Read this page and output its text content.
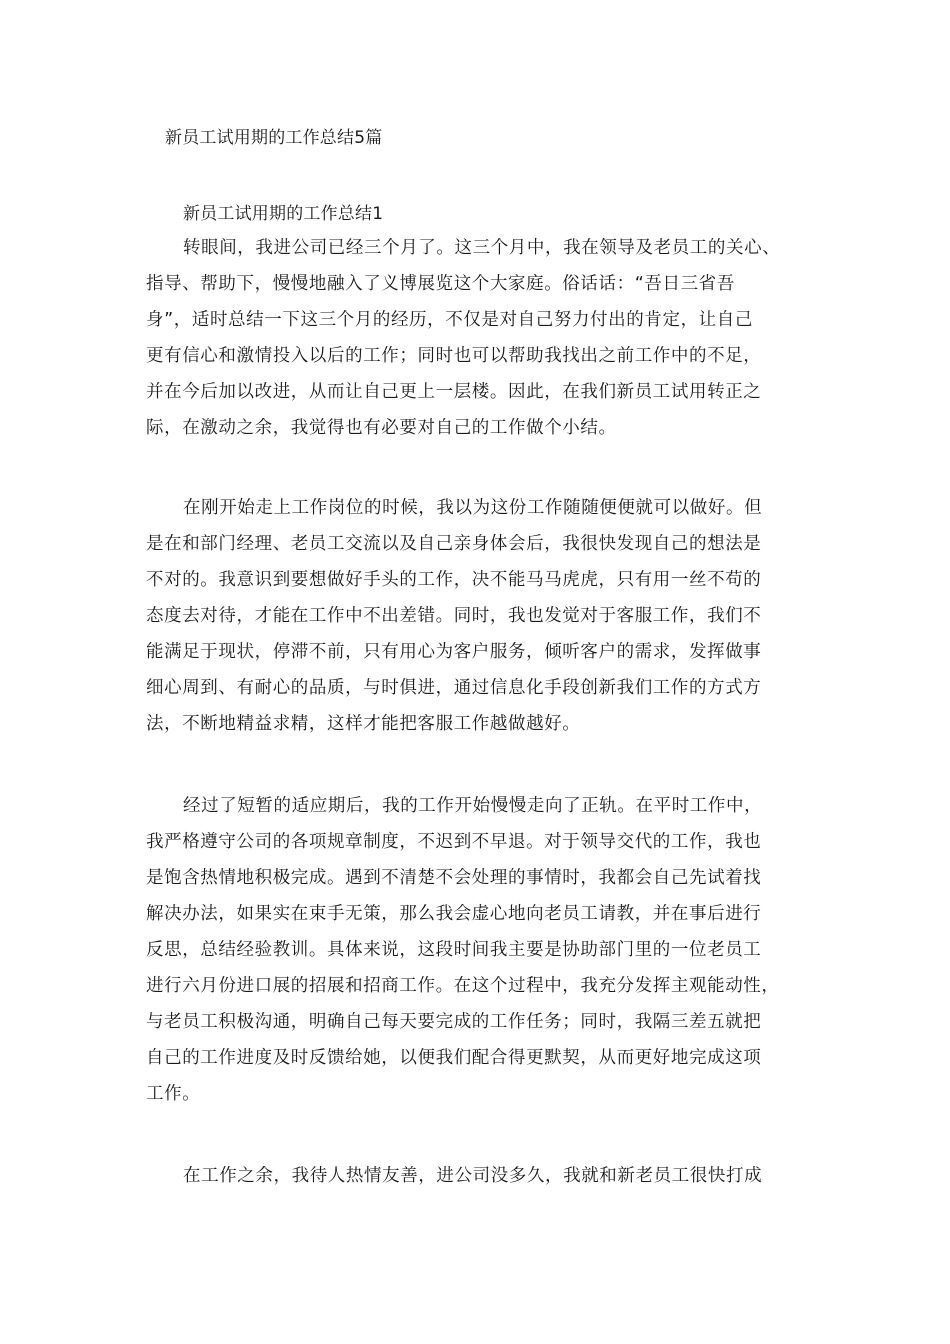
新员工试用期的工作总结5篇
新员工试用期的工作总结1
转眼间，我进公司已经三个月了。这三个月中，我在领导及老员工的关心、
指导、帮助下，慢慢地融入了义博展览这个大家庭。俗话话：“吾日三省吾
身”，适时总结一下这三个月的经历，不仅是对自己努力付出的肯定，让自己
更有信心和激情投入以后的工作；同时也可以帮助我找出之前工作中的不足，
并在今后加以改进，从而让自己更上一层楼。因此，在我们新员工试用转正之
际，在激动之余，我觉得也有必要对自己的工作做个小结。
在刚开始走上工作岗位的时候，我以为这份工作随随便便就可以做好。但
是在和部门经理、老员工交流以及自己亲身体会后，我很快发现自己的想法是
不对的。我意识到要想做好手头的工作，决不能马马虎虎，只有用一丝不苟的
态度去对待，才能在工作中不出差错。同时，我也发觉对于客服工作，我们不
能满足于现状，停滞不前，只有用心为客户服务，倾听客户的需求，发挥做事
细心周到、有耐心的品质，与时俱进，通过信息化手段创新我们工作的方式方
法，不断地精益求精，这样才能把客服工作越做越好。
经过了短暂的适应期后，我的工作开始慢慢走向了正轨。在平时工作中，
我严格遵守公司的各项规章制度，不迟到不早退。对于领导交代的工作，我也
是饱含热情地积极完成。遇到不清楚不会处理的事情时，我都会自己先试着找
解决办法，如果实在束手无策，那么我会虚心地向老员工请教，并在事后进行
反思，总结经验教训。具体来说，这段时间我主要是协助部门里的一位老员工
进行六月份进口展的招展和招商工作。在这个过程中，我充分发挥主观能动性，
与老员工积极沟通，明确自己每天要完成的工作任务；同时，我隔三差五就把
自己的工作进度及时反馈给她，以便我们配合得更默契，从而更好地完成这项
工作。
在工作之余，我待人热情友善，进公司没多久，我就和新老员工很快打成
